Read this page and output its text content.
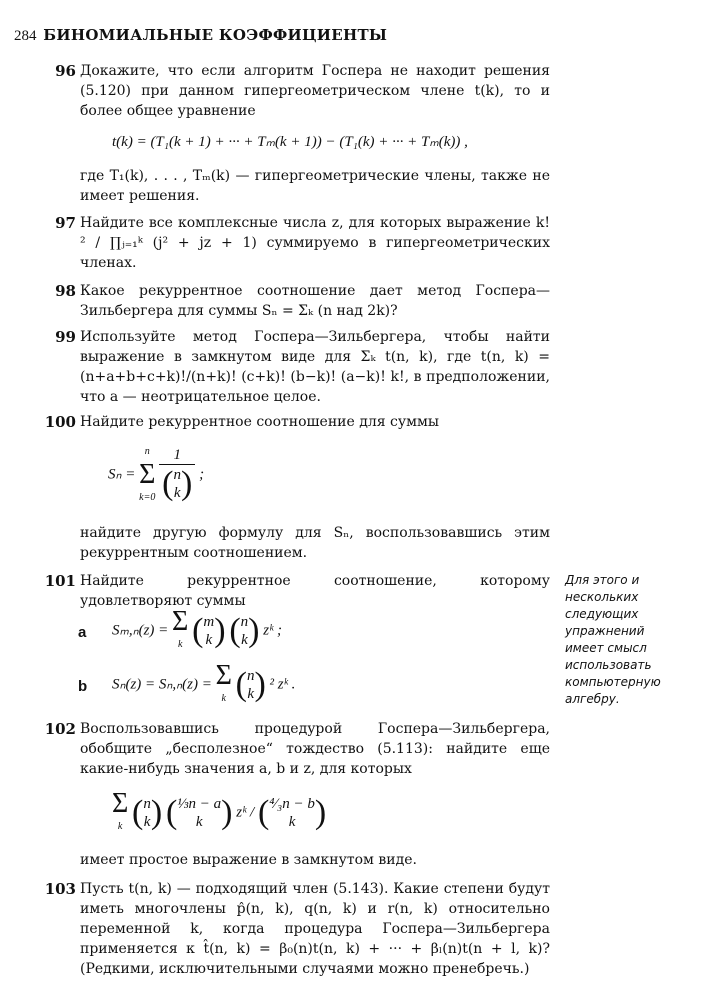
284 БИНОМИАЛЬНЫЕ КОЭФФИЦИЕНТЫ
Для этого и нескольких следующих упражнений имеет смысл использовать компьютерную алгебру.
96 Докажите, что если алгоритм Госпера не находит решения (5.120) при данном гипергеометрическом члене t(k), то и более общее уравнение
t(k) = (T₁(k + 1) + ··· + Tₘ(k + 1)) − (T₁(k) + ··· + Tₘ(k)) ,
где T₁(k), . . . , Tₘ(k) — гипергеометрические члены, также не имеет решения.
97 Найдите все комплексные числа z, для которых выражение k!² / ∏ⱼ₌₁ᵏ (j² + jz + 1) суммируемо в гипергеометрических членах.
98 Какое рекуррентное соотношение дает метод Госпера—Зильбергера для суммы Sₙ = Σₖ (n над 2k)?
99 Используйте метод Госпера—Зильбергера, чтобы найти выражение в замкнутом виде для Σₖ t(n, k), где t(n, k) = (n+a+b+c+k)!/(n+k)! (c+k)! (b−k)! (a−k)! k!, в предположении, что a — неотрицательное целое.
100 Найдите рекуррентное соотношение для суммы
Sₙ =
n
Σ
k=0
1
( n
k ) ;
найдите другую формулу для Sₙ, воспользовавшись этим рекуррентным соотношением.
101 Найдите рекуррентное соотношение, которому удовлетворяют суммы
a Sₘ,ₙ(z) = Σ
k ( m
k ) ( n
k ) zᵏ ;
b Sₙ(z) = Sₙ,ₙ(z) = Σ
k ( n
k ) ² zᵏ .
102 Воспользовавшись процедурой Госпера—Зильбергера, обобщите „бесполезное“ тождество (5.113): найдите еще какие-нибудь значения a, b и z, для которых
Σ
k ( n
k ) ( ⅓n − a
k ) zᵏ / ( ⁴⁄₃n − b
k )
имеет простое выражение в замкнутом виде.
103 Пусть t(n, k) — подходящий член (5.143). Какие степени будут иметь многочлены p̂(n, k), q(n, k) и r(n, k) относительно переменной k, когда процедура Госпера—Зильбергера применяется к t̂(n, k) = β₀(n)t(n, k) + ··· + βₗ(n)t(n + l, k)? (Редкими, исключительными случаями можно пренебречь.)
